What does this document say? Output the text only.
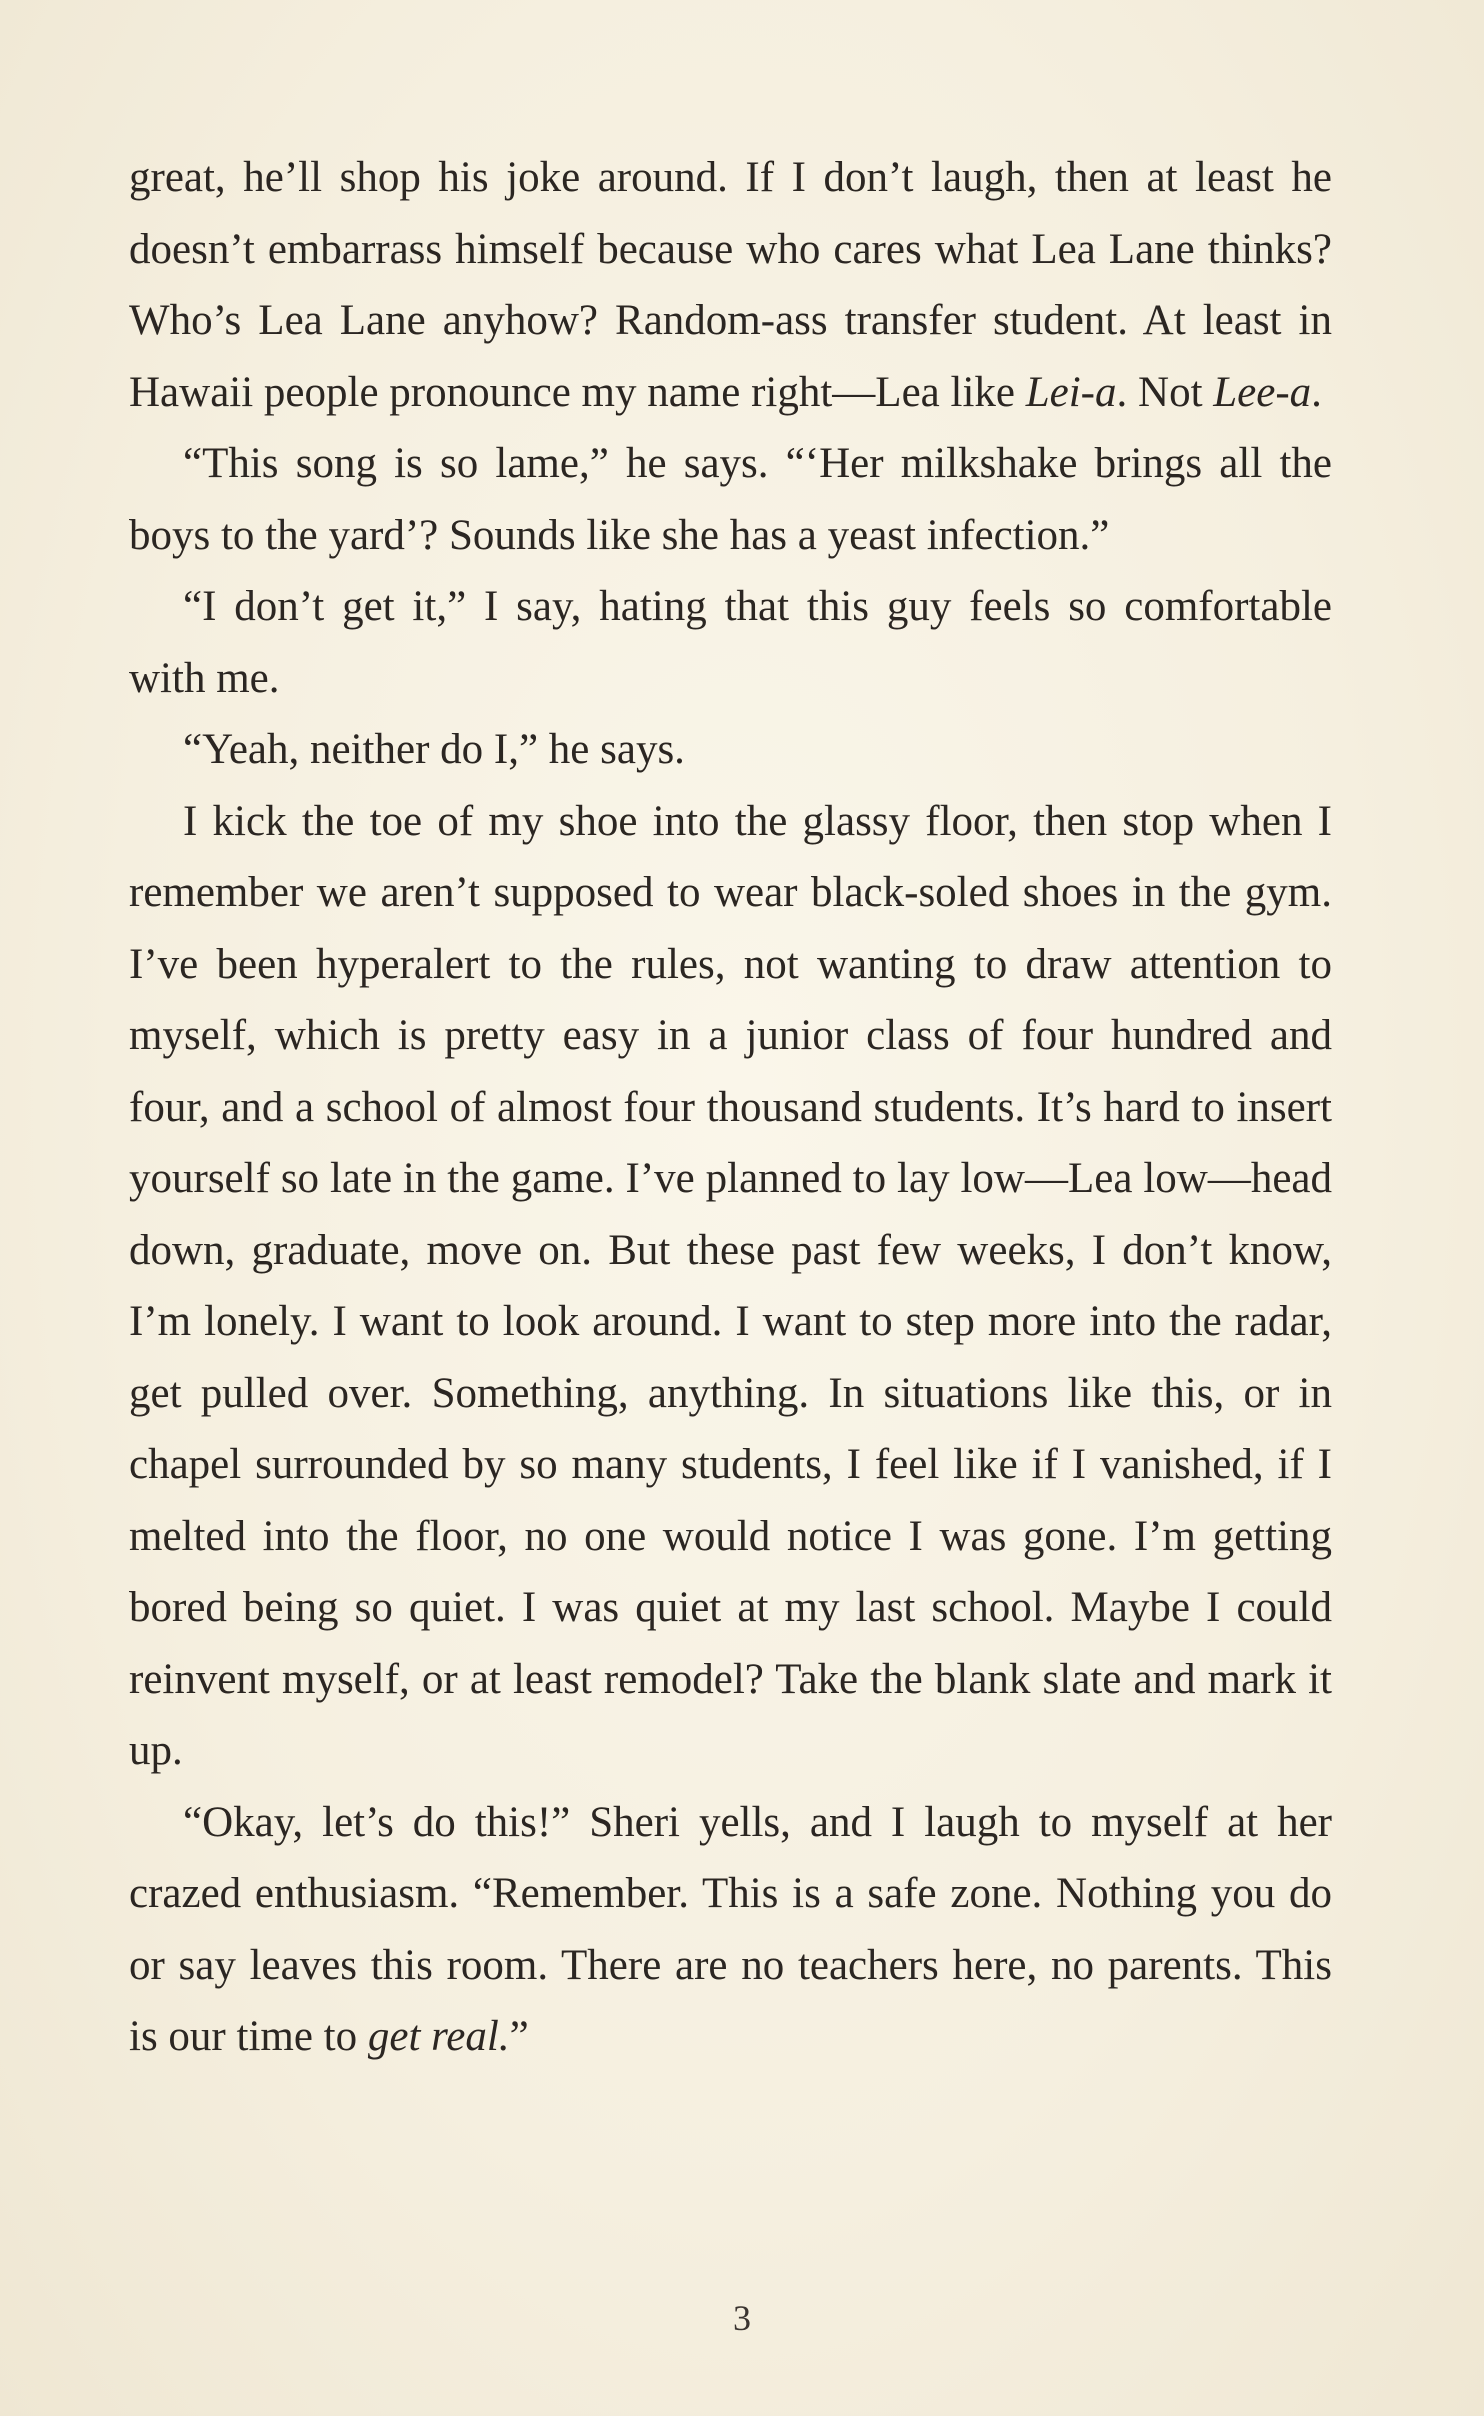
great, he’ll shop his joke around. If I don’t laugh, then at least he doesn’t embarrass himself because who cares what Lea Lane thinks? Who’s Lea Lane anyhow? Random-ass transfer student. At least in Hawaii people pronounce my name right—Lea like Lei-a. Not Lee-a.

“This song is so lame,” he says. “‘Her milkshake brings all the boys to the yard’? Sounds like she has a yeast infection.”

“I don’t get it,” I say, hating that this guy feels so comfortable with me.

“Yeah, neither do I,” he says.

I kick the toe of my shoe into the glassy floor, then stop when I remember we aren’t supposed to wear black-soled shoes in the gym. I’ve been hyperalert to the rules, not wanting to draw attention to myself, which is pretty easy in a junior class of four hundred and four, and a school of almost four thousand students. It’s hard to insert yourself so late in the game. I’ve planned to lay low—Lea low—head down, graduate, move on. But these past few weeks, I don’t know, I’m lonely. I want to look around. I want to step more into the radar, get pulled over. Something, anything. In situations like this, or in chapel surrounded by so many students, I feel like if I vanished, if I melted into the floor, no one would notice I was gone. I’m getting bored being so quiet. I was quiet at my last school. Maybe I could reinvent myself, or at least remodel? Take the blank slate and mark it up.

“Okay, let’s do this!” Sheri yells, and I laugh to myself at her crazed enthusiasm. “Remember. This is a safe zone. Nothing you do or say leaves this room. There are no teachers here, no parents. This is our time to get real.”

3
